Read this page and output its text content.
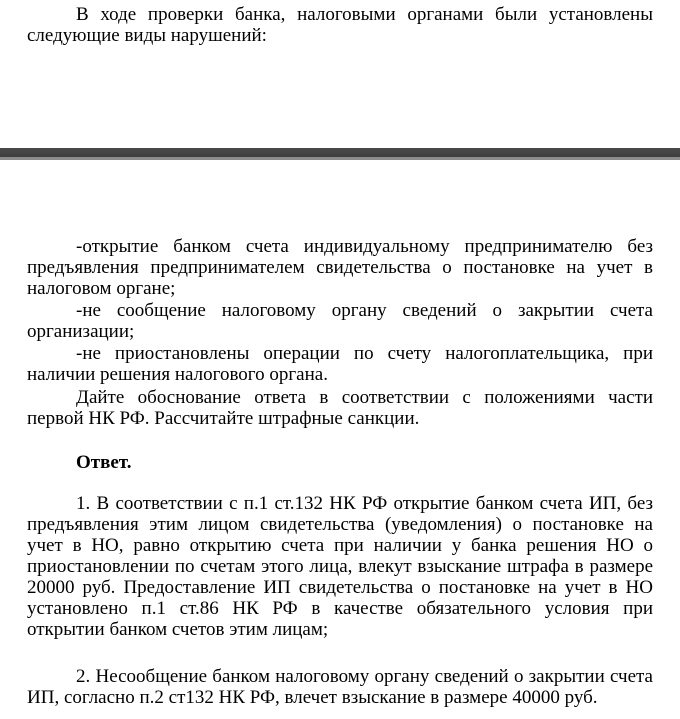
В ходе проверки банка, налоговыми органами были установлены следующие виды нарушений:

-открытие банком счета индивидуальному предпринимателю без предъявления предпринимателем свидетельства о постановке на учет в налоговом органе;

-не сообщение налоговому органу сведений о закрытии счета организации;

-не приостановлены операции по счету налогоплательщика, при наличии решения налогового органа.

Дайте обоснование ответа в соответствии с положениями части первой НК РФ. Рассчитайте штрафные санкции.

Ответ.

1. В соответствии с п.1 ст.132 НК РФ открытие банком счета ИП, без предъявления этим лицом свидетельства (уведомления) о постановке на учет в НО, равно открытию счета при наличии у банка решения НО о приостановлении по счетам этого лица, влекут взыскание штрафа в размере 20000 руб. Предоставление ИП свидетельства о постановке на учет в НО установлено п.1 ст.86 НК РФ в качестве обязательного условия при открытии банком счетов этим лицам;

2. Несообщение банком налоговому органу сведений о закрытии счета ИП, согласно п.2 ст132 НК РФ, влечет взыскание в размере 40000 руб.
